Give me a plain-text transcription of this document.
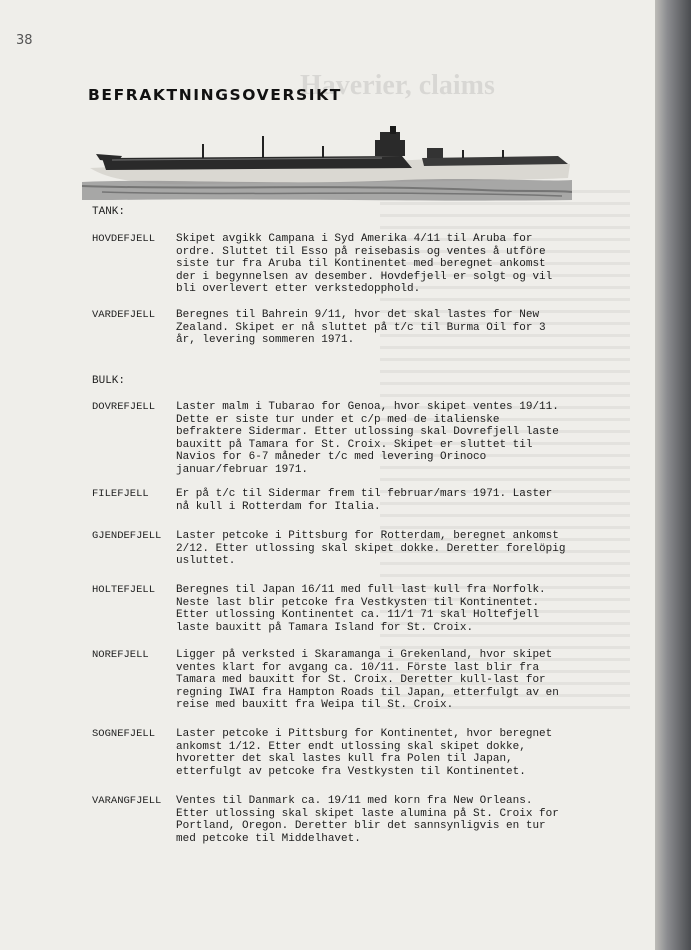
Haverier, claims
38
BEFRAKTNINGSOVERSIKT
TANK:
HOVDEFJELL	Skipet avgikk Campana i Syd Amerika 4/11 til Aruba for ordre. Sluttet til Esso på reisebasis og ventes å utföre siste tur fra Aruba til Kontinentet med beregnet ankomst der i begynnelsen av desember. Hovdefjell er solgt og vil bli overlevert etter verkstedopphold.
VARDEFJELL	Beregnes til Bahrein 9/11, hvor det skal lastes for New Zealand. Skipet er nå sluttet på t/c til Burma Oil for 3 år, levering sommeren 1971.
BULK:
DOVREFJELL	Laster malm i Tubarao for Genoa, hvor skipet ventes 19/11. Dette er siste tur under et c/p med de italienske befraktere Sidermar. Etter utlossing skal Dovrefjell laste bauxitt på Tamara for St. Croix. Skipet er sluttet til Navios for 6-7 måneder t/c med levering Orinoco januar/februar 1971.
FILEFJELL	Er på t/c til Sidermar frem til februar/mars 1971. Laster nå kull i Rotterdam for Italia.
GJENDEFJELL	Laster petcoke i Pittsburg for Rotterdam, beregnet ankomst 2/12. Etter utlossing skal skipet dokke. Deretter forelöpig usluttet.
HOLTEFJELL	Beregnes til Japan 16/11 med full last kull fra Norfolk. Neste last blir petcoke fra Vestkysten til Kontinentet. Etter utlossing Kontinentet ca. 11/1 71 skal Holtefjell laste bauxitt på Tamara Island for St. Croix.
NOREFJELL	Ligger på verksted i Skaramanga i Grekenland, hvor skipet ventes klart for avgang ca. 10/11. Förste last blir fra Tamara med bauxitt for St. Croix. Deretter kull-last for regning IWAI fra Hampton Roads til Japan, etterfulgt av en reise med bauxitt fra Weipa til St. Croix.
SOGNEFJELL	Laster petcoke i Pittsburg for Kontinentet, hvor beregnet ankomst 1/12. Etter endt utlossing skal skipet dokke, hvoretter det skal lastes kull fra Polen til Japan, etterfulgt av petcoke fra Vestkysten til Kontinentet.
VARANGFJELL	Ventes til Danmark ca. 19/11 med korn fra New Orleans. Etter utlossing skal skipet laste alumina på St. Croix for Portland, Oregon. Deretter blir det sannsynligvis en tur med petcoke til Middelhavet.
